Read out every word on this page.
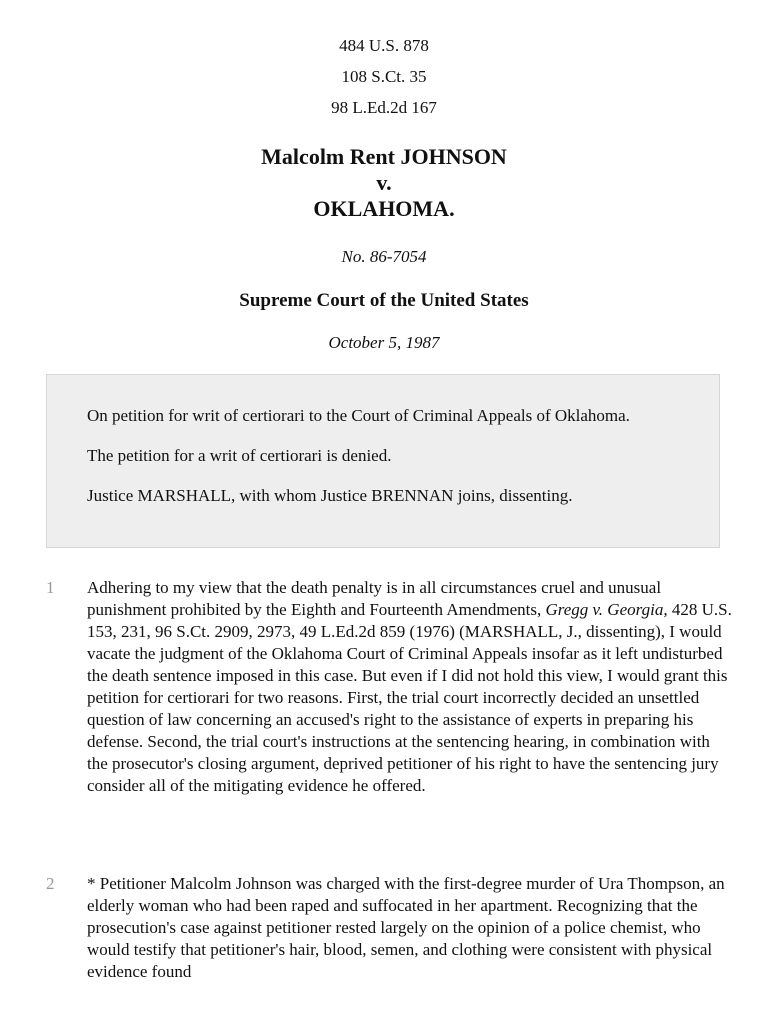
484 U.S. 878
108 S.Ct. 35
98 L.Ed.2d 167
Malcolm Rent JOHNSON
v.
OKLAHOMA.
No. 86-7054
Supreme Court of the United States
October 5, 1987

On petition for writ of certiorari to the Court of Criminal Appeals of Oklahoma.

The petition for a writ of certiorari is denied.

Justice MARSHALL, with whom Justice BRENNAN joins, dissenting.

1 Adhering to my view that the death penalty is in all circumstances cruel and unusual punishment prohibited by the Eighth and Fourteenth Amendments, Gregg v. Georgia, 428 U.S. 153, 231, 96 S.Ct. 2909, 2973, 49 L.Ed.2d 859 (1976) (MARSHALL, J., dissenting), I would vacate the judgment of the Oklahoma Court of Criminal Appeals insofar as it left undisturbed the death sentence imposed in this case. But even if I did not hold this view, I would grant this petition for certiorari for two reasons. First, the trial court incorrectly decided an unsettled question of law concerning an accused's right to the assistance of experts in preparing his defense. Second, the trial court's instructions at the sentencing hearing, in combination with the prosecutor's closing argument, deprived petitioner of his right to have the sentencing jury consider all of the mitigating evidence he offered.

2 * Petitioner Malcolm Johnson was charged with the first-degree murder of Ura Thompson, an elderly woman who had been raped and suffocated in her apartment. Recognizing that the prosecution's case against petitioner rested largely on the opinion of a police chemist, who would testify that petitioner's hair, blood, semen, and clothing were consistent with physical evidence found
